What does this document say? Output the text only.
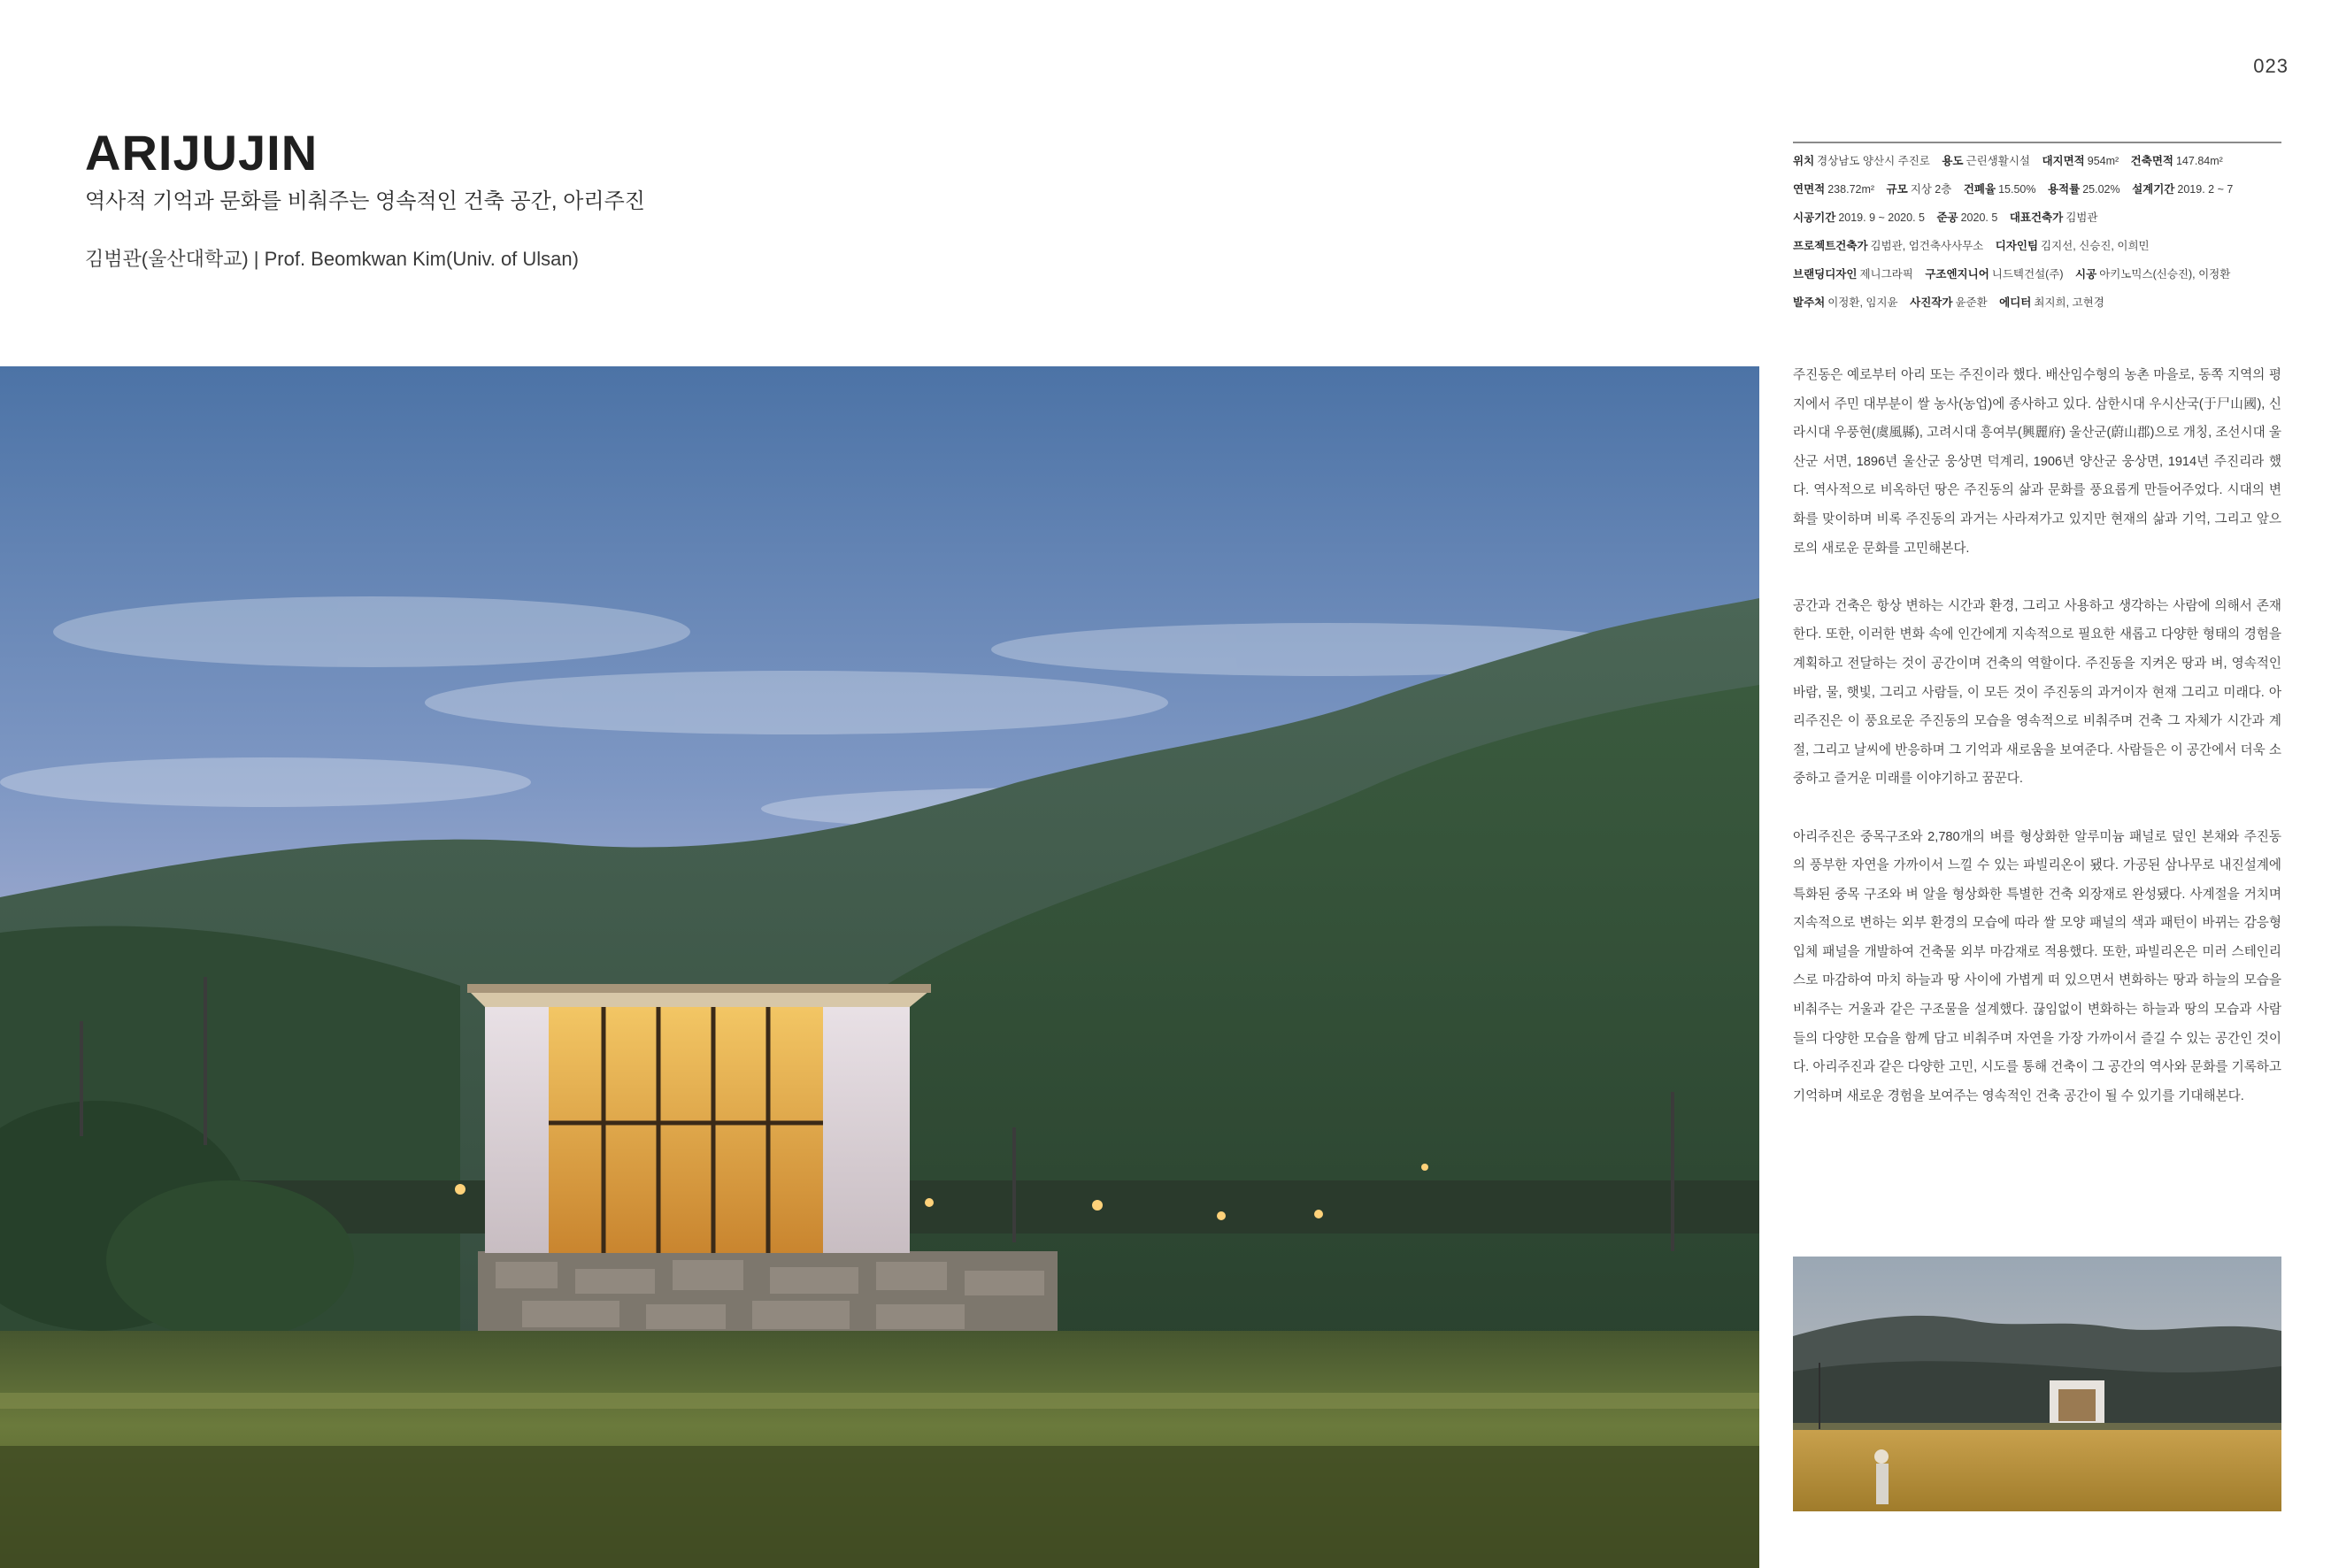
023
ARIJUJIN

역사적 기억과 문화를 비춰주는 영속적인 건축 공간, 아리주진

김범관(울산대학교) | Prof. Beomkwan Kim(Univ. of Ulsan)

위치 경상남도 양산시 주진로 용도 근린생활시설 대지면적 954m² 건축면적 147.84m² 연면적 238.72m² 규모 지상 2층 건폐율 15.50% 용적률 25.02% 설계기간 2019. 2 ~ 7 시공기간 2019. 9 ~ 2020. 5 준공 2020. 5 대표건축가 김범관 프로젝트건축가 김범관, 엄건축사사무소 디자인팀 김지선, 신승진, 이희민 브랜딩디자인 제니그라픽 구조엔지니어 니드텍건설(주) 시공 아키노믹스(신승진), 이정환 발주처 이정환, 임지윤 사진작가 윤준환 에디터 최지희, 고현경

주진동은 예로부터 아리 또는 주진이라 했다. 배산임수형의 농촌 마을로, 동쪽 지역의 평지에서 주민 대부분이 쌀 농사(농업)에 종사하고 있다. 삼한시대 우시산국(于尸山國), 신라시대 우풍현(虞風縣), 고려시대 흥여부(興麗府) 울산군(蔚山郡)으로 개칭, 조선시대 울산군 서면, 1896년 울산군 웅상면 덕계리, 1906년 양산군 웅상면, 1914년 주진리라 했다. 역사적으로 비옥하던 땅은 주진동의 삶과 문화를 풍요롭게 만들어주었다. 시대의 변화를 맞이하며 비록 주진동의 과거는 사라져가고 있지만 현재의 삶과 기억, 그리고 앞으로의 새로운 문화를 고민해본다.

공간과 건축은 항상 변하는 시간과 환경, 그리고 사용하고 생각하는 사람에 의해서 존재한다. 또한, 이러한 변화 속에 인간에게 지속적으로 필요한 새롭고 다양한 형태의 경험을 계획하고 전달하는 것이 공간이며 건축의 역할이다. 주진동을 지켜온 땅과 벼, 영속적인 바람, 물, 햇빛, 그리고 사람들, 이 모든 것이 주진동의 과거이자 현재 그리고 미래다. 아리주진은 이 풍요로운 주진동의 모습을 영속적으로 비춰주며 건축 그 자체가 시간과 계절, 그리고 날씨에 반응하며 그 기억과 새로움을 보여준다. 사람들은 이 공간에서 더욱 소중하고 즐거운 미래를 이야기하고 꿈꾼다.

아리주진은 중목구조와 2,780개의 벼를 형상화한 알루미늄 패널로 덮인 본채와 주진동의 풍부한 자연을 가까이서 느낄 수 있는 파빌리온이 됐다. 가공된 삼나무로 내진설계에 특화된 중목 구조와 벼 알을 형상화한 특별한 건축 외장재로 완성됐다. 사계절을 거치며 지속적으로 변하는 외부 환경의 모습에 따라 쌀 모양 패널의 색과 패턴이 바뀌는 감응형 입체 패널을 개발하여 건축물 외부 마감재로 적용했다. 또한, 파빌리온은 미러 스테인리스로 마감하여 마치 하늘과 땅 사이에 가볍게 떠 있으면서 변화하는 땅과 하늘의 모습을 비춰주는 거울과 같은 구조물을 설계했다. 끊임없이 변화하는 하늘과 땅의 모습과 사람들의 다양한 모습을 함께 담고 비춰주며 자연을 가장 가까이서 즐길 수 있는 공간인 것이다. 아리주진과 같은 다양한 고민, 시도를 통해 건축이 그 공간의 역사와 문화를 기록하고 기억하며 새로운 경험을 보여주는 영속적인 건축 공간이 될 수 있기를 기대해본다.
